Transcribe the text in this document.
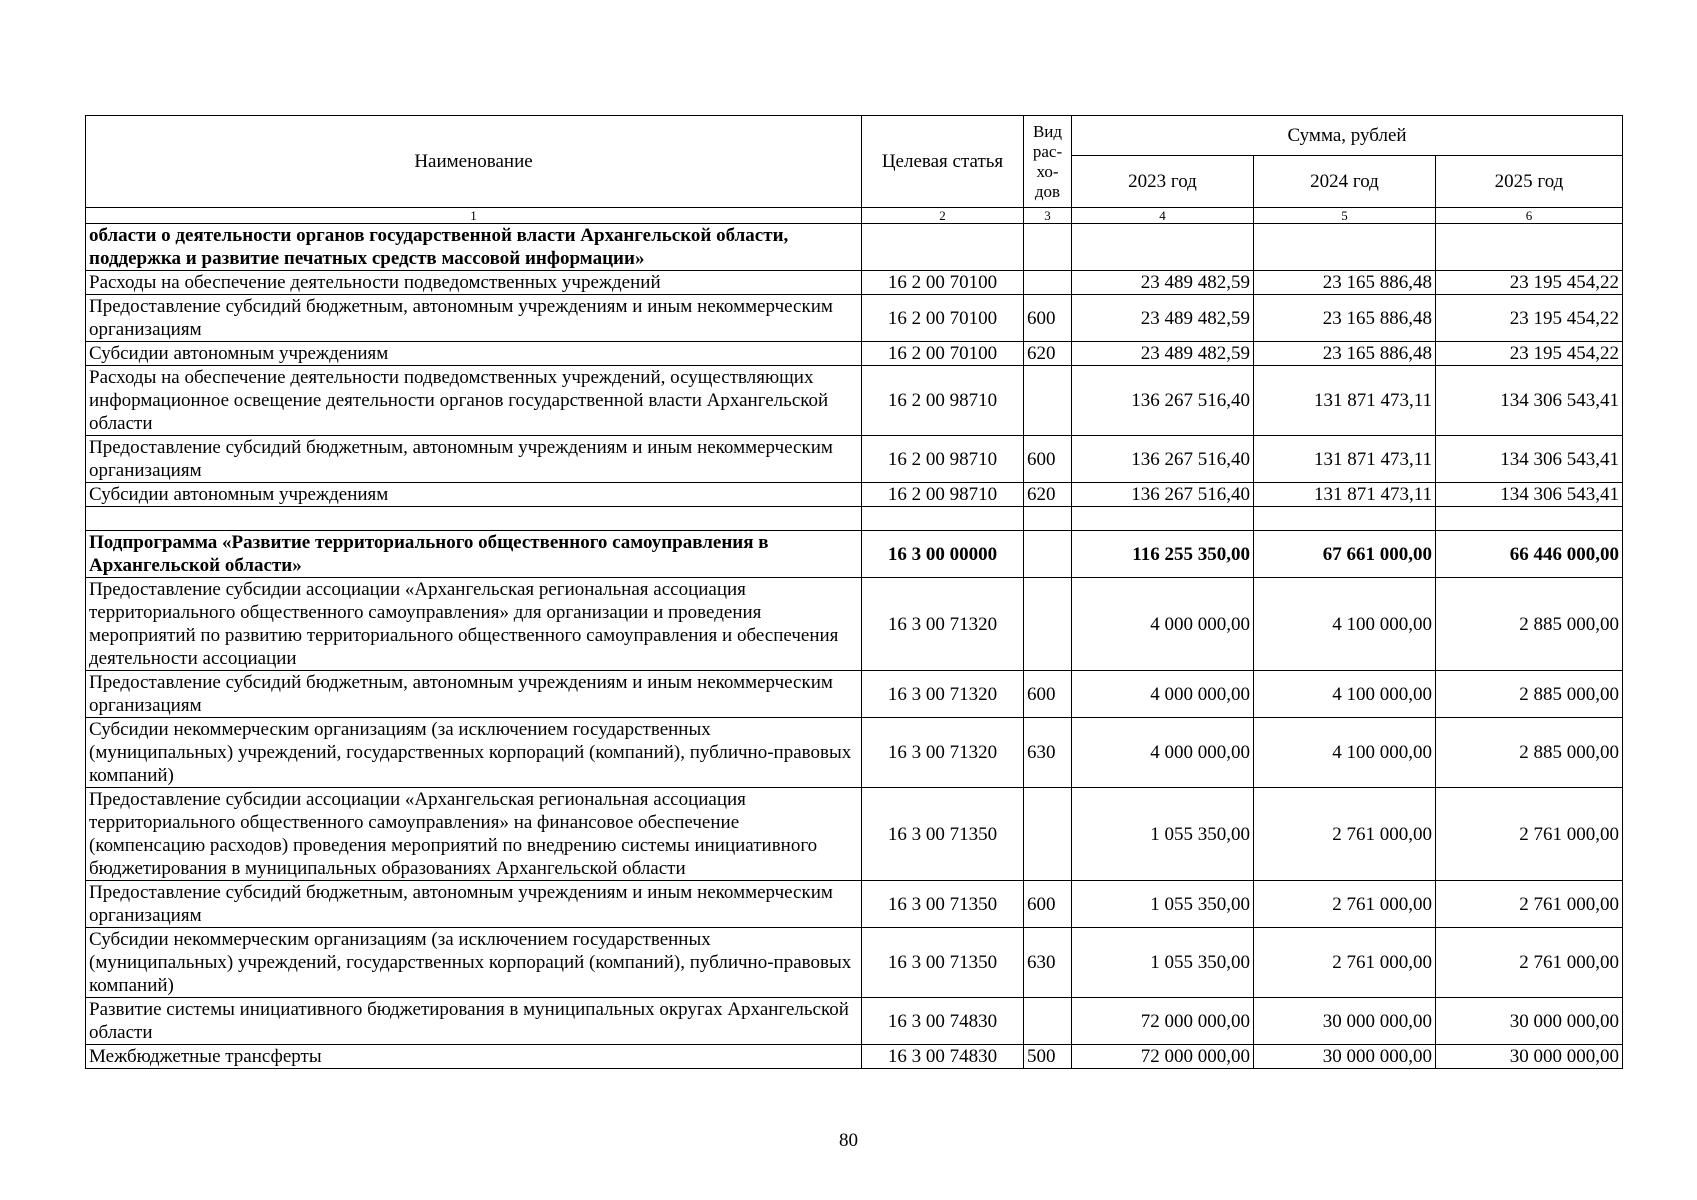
Наименование	Целевая статья	Вид рас-хо-дов	Сумма, рублей		
			2023 год	2024 год	2025 год
1	2	3	4	5	6
области о деятельности органов государственной власти Архангельской области, поддержка и развитие печатных средств массовой информации»					
Расходы на обеспечение деятельности подведомственных учреждений	16 2 00 70100		23 489 482,59	23 165 886,48	23 195 454,22
Предоставление субсидий бюджетным, автономным учреждениям и иным некоммерческим организациям	16 2 00 70100	600	23 489 482,59	23 165 886,48	23 195 454,22
Субсидии автономным учреждениям	16 2 00 70100	620	23 489 482,59	23 165 886,48	23 195 454,22
Расходы на обеспечение деятельности подведомственных учреждений, осуществляющих информационное освещение деятельности органов государственной власти Архангельской области	16 2 00 98710		136 267 516,40	131 871 473,11	134 306 543,41
Предоставление субсидий бюджетным, автономным учреждениям и иным некоммерческим организациям	16 2 00 98710	600	136 267 516,40	131 871 473,11	134 306 543,41
Субсидии автономным учреждениям	16 2 00 98710	620	136 267 516,40	131 871 473,11	134 306 543,41

Подпрограмма «Развитие территориального общественного самоуправления в Архангельской области»	16 3 00 00000		116 255 350,00	67 661 000,00	66 446 000,00
Предоставление субсидии ассоциации «Архангельская региональная ассоциация территориального общественного самоуправления» для организации и проведения мероприятий по развитию территориального общественного самоуправления и обеспечения деятельности ассоциации	16 3 00 71320		4 000 000,00	4 100 000,00	2 885 000,00
Предоставление субсидий бюджетным, автономным учреждениям и иным некоммерческим организациям	16 3 00 71320	600	4 000 000,00	4 100 000,00	2 885 000,00
Субсидии некоммерческим организациям (за исключением государственных (муниципальных) учреждений, государственных корпораций (компаний), публично-правовых компаний)	16 3 00 71320	630	4 000 000,00	4 100 000,00	2 885 000,00
Предоставление субсидии ассоциации «Архангельская региональная ассоциация территориального общественного самоуправления» на финансовое обеспечение (компенсацию расходов) проведения мероприятий по внедрению системы инициативного бюджетирования в муниципальных образованиях Архангельской области	16 3 00 71350		1 055 350,00	2 761 000,00	2 761 000,00
Предоставление субсидий бюджетным, автономным учреждениям и иным некоммерческим организациям	16 3 00 71350	600	1 055 350,00	2 761 000,00	2 761 000,00
Субсидии некоммерческим организациям (за исключением государственных (муниципальных) учреждений, государственных корпораций (компаний), публично-правовых компаний)	16 3 00 71350	630	1 055 350,00	2 761 000,00	2 761 000,00
Развитие системы инициативного бюджетирования в муниципальных округах Архангельской области	16 3 00 74830		72 000 000,00	30 000 000,00	30 000 000,00
Межбюджетные трансферты	16 3 00 74830	500	72 000 000,00	30 000 000,00	30 000 000,00
80
